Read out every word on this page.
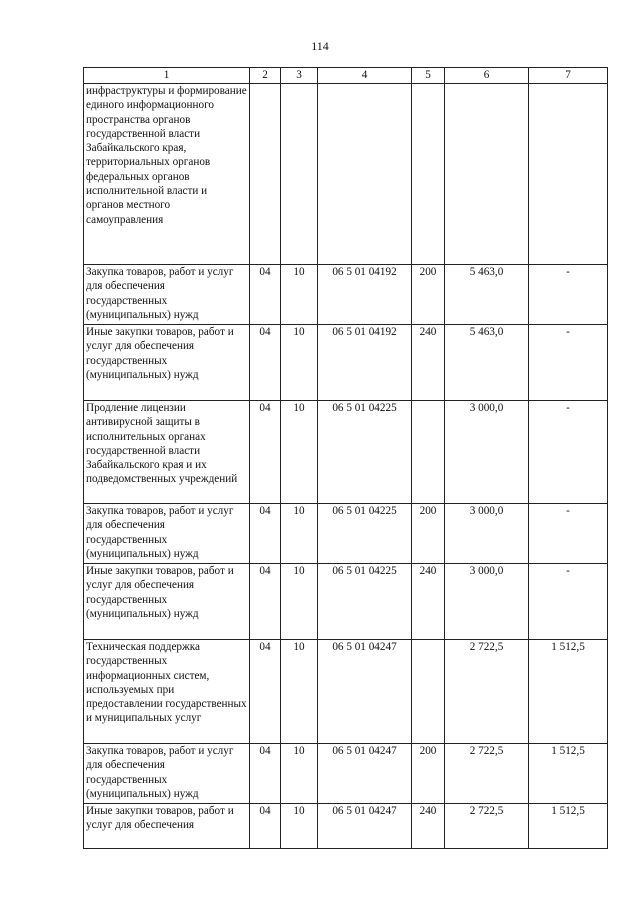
114
1	2	3	4	5	6	7
инфраструктуры и формирование единого информационного пространства органов государственной власти Забайкальского края, территориальных органов федеральных органов исполнительной власти и органов местного самоуправления						
Закупка товаров, работ и услуг для обеспечения государственных (муниципальных) нужд	04	10	06 5 01 04192	200	5 463,0	-
Иные закупки товаров, работ и услуг для обеспечения государственных (муниципальных) нужд	04	10	06 5 01 04192	240	5 463,0	-
Продление лицензии антивирусной защиты в исполнительных органах государственной власти Забайкальского края и их подведомственных учреждений	04	10	06 5 01 04225		3 000,0	-
Закупка товаров, работ и услуг для обеспечения государственных (муниципальных) нужд	04	10	06 5 01 04225	200	3 000,0	-
Иные закупки товаров, работ и услуг для обеспечения государственных (муниципальных) нужд	04	10	06 5 01 04225	240	3 000,0	-
Техническая поддержка государственных информационных систем, используемых при предоставлении государственных и муниципальных услуг	04	10	06 5 01 04247		2 722,5	1 512,5
Закупка товаров, работ и услуг для обеспечения государственных (муниципальных) нужд	04	10	06 5 01 04247	200	2 722,5	1 512,5
Иные закупки товаров, работ и услуг для обеспечения	04	10	06 5 01 04247	240	2 722,5	1 512,5
